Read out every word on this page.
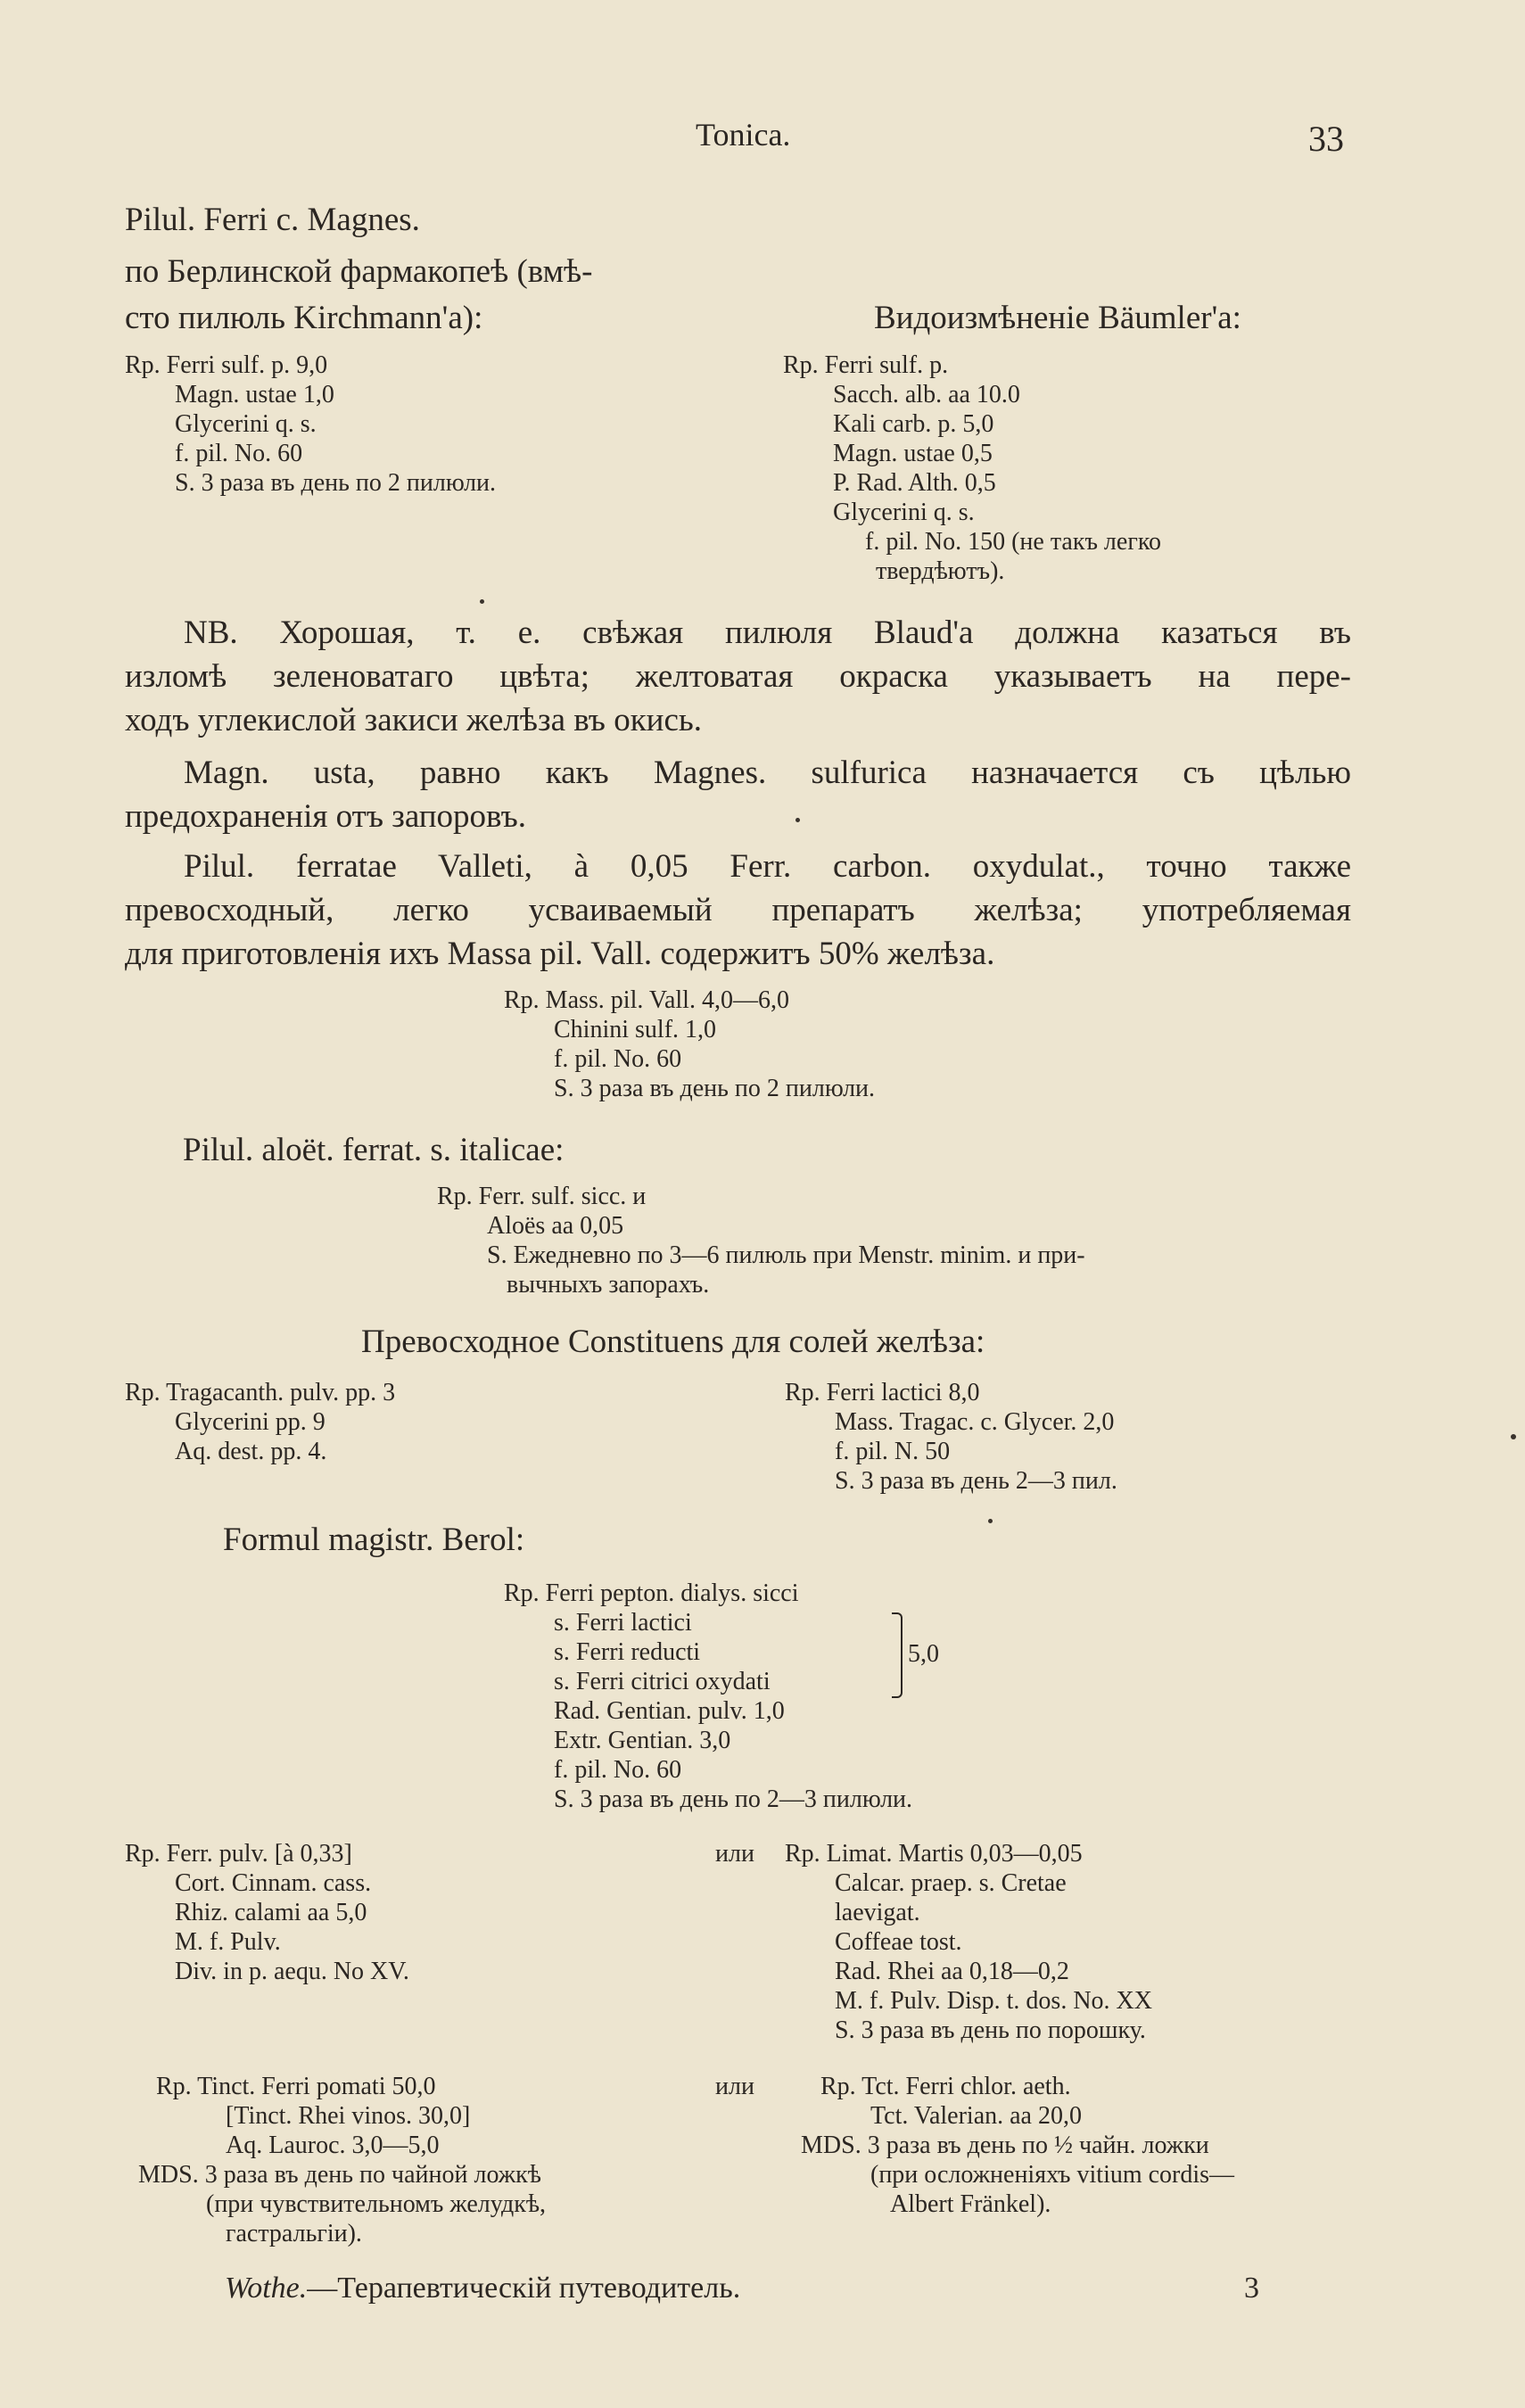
Tonica.	33
Pilul. Ferri c. Magnes.
по Берлинской фармакопеѣ (вмѣ-
сто пилюль Kirchmann'a):
Rp. Ferri sulf. p. 9,0
Magn. ustae 1,0
Glycerini q. s.
f. pil. No. 60
S. 3 раза въ день по 2 пилюли.
Видоизмѣненіе Bäumler'a:
Rp. Ferri sulf. p.
Sacch. alb. aa 10.0
Kali carb. p. 5,0
Magn. ustae 0,5
P. Rad. Alth. 0,5
Glycerini q. s.
f. pil. No. 150 (не такъ легко
твердѣютъ).
NB. Хорошая, т. е. свѣжая пилюля Blaud'a должна казаться въ
изломѣ зеленоватаго цвѣта; желтоватая окраска указываетъ на пере-
ходъ углекислой закиси желѣза въ окись.
Magn. usta, равно какъ Magnes. sulfurica назначается съ цѣлью
предохраненія отъ запоровъ.
Pilul. ferratae Valleti, à 0,05 Ferr. carbon. oxydulat., точно также
превосходный, легко усваиваемый препаратъ желѣза; употребляемая
для приготовленія ихъ Massa pil. Vall. содержитъ 50% желѣза.
Rp. Mass. pil. Vall. 4,0—6,0
Chinini sulf. 1,0
f. pil. No. 60
S. 3 раза въ день по 2 пилюли.
Pilul. aloët. ferrat. s. italicae:
Rp. Ferr. sulf. sicc. и
Aloës aa 0,05
S. Ежедневно по 3—6 пилюль при Menstr. minim. и при-
вычныхъ запорахъ.
Превосходное Constituens для солей желѣза:
Rp. Tragacanth. pulv. pp. 3
Glycerini pp. 9
Aq. dest. pp. 4.
Rp. Ferri lactici 8,0
Mass. Tragac. c. Glycer. 2,0
f. pil. N. 50
S. 3 раза въ день 2—3 пил.
Formul magistr. Berol:
Rp. Ferri pepton. dialys. sicci
s. Ferri lactici
s. Ferri reducti
s. Ferri citrici oxydati
Rad. Gentian. pulv. 1,0
Extr. Gentian. 3,0
f. pil. No. 60
S. 3 раза въ день по 2—3 пилюли.
5,0
Rp. Ferr. pulv. [à 0,33]
Cort. Cinnam. cass.
Rhiz. calami aa 5,0
M. f. Pulv.
Div. in p. aequ. No XV.
или Rp. Limat. Martis 0,03—0,05
Calcar. praep. s. Cretae
laevigat.
Coffeae tost.
Rad. Rhei aa 0,18—0,2
M. f. Pulv. Disp. t. dos. No. XX
S. 3 раза въ день по порошку.
Rp. Tinct. Ferri pomati 50,0
[Tinct. Rhei vinos. 30,0]
Aq. Lauroc. 3,0—5,0
MDS. 3 раза въ день по чайной ложкѣ
(при чувствительномъ желудкѣ,
гастральгіи).
или	Rp. Tct. Ferri chlor. aeth.
Tct. Valerian. aa 20,0
MDS. 3 раза въ день по ½ чайн. ложки
(при осложненіяхъ vitium cordis—
Albert Fränkel).
Wothe.—Терапевтическій путеводитель.	3
